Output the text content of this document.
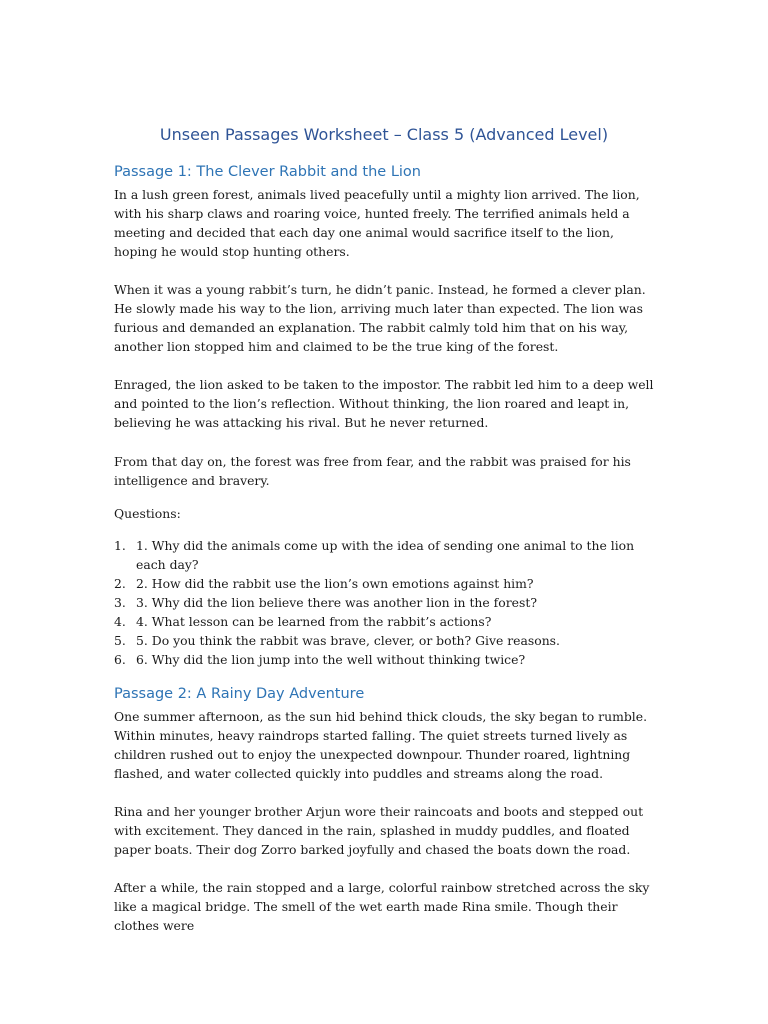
Unseen Passages Worksheet – Class 5 (Advanced Level)
Passage 1: The Clever Rabbit and the Lion

In a lush green forest, animals lived peacefully until a mighty lion arrived. The lion, with his sharp claws and roaring voice, hunted freely. The terrified animals held a meeting and decided that each day one animal would sacrifice itself to the lion, hoping he would stop hunting others.

When it was a young rabbit’s turn, he didn’t panic. Instead, he formed a clever plan. He slowly made his way to the lion, arriving much later than expected. The lion was furious and demanded an explanation. The rabbit calmly told him that on his way, another lion stopped him and claimed to be the true king of the forest.

Enraged, the lion asked to be taken to the impostor. The rabbit led him to a deep well and pointed to the lion’s reflection. Without thinking, the lion roared and leapt in, believing he was attacking his rival. But he never returned.

From that day on, the forest was free from fear, and the rabbit was praised for his intelligence and bravery.

Questions:
1. 1. Why did the animals come up with the idea of sending one animal to the lion each day?
2. 2. How did the rabbit use the lion’s own emotions against him?
3. 3. Why did the lion believe there was another lion in the forest?
4. 4. What lesson can be learned from the rabbit’s actions?
5. 5. Do you think the rabbit was brave, clever, or both? Give reasons.
6. 6. Why did the lion jump into the well without thinking twice?
Passage 2: A Rainy Day Adventure

One summer afternoon, as the sun hid behind thick clouds, the sky began to rumble. Within minutes, heavy raindrops started falling. The quiet streets turned lively as children rushed out to enjoy the unexpected downpour. Thunder roared, lightning flashed, and water collected quickly into puddles and streams along the road.

Rina and her younger brother Arjun wore their raincoats and boots and stepped out with excitement. They danced in the rain, splashed in muddy puddles, and floated paper boats. Their dog Zorro barked joyfully and chased the boats down the road.

After a while, the rain stopped and a large, colorful rainbow stretched across the sky like a magical bridge. The smell of the wet earth made Rina smile. Though their clothes were
